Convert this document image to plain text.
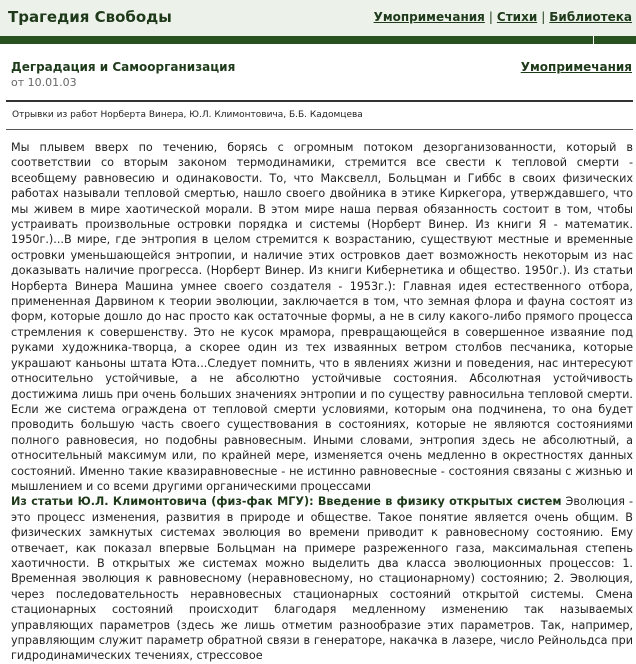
Трагедия Свободы	Умопримечания | Стихи | Библиотека
Деградация и Самоорганизация
от 10.01.03
Умопримечания
Отрывки из работ Норберта Винера, Ю.Л. Климонтовича, Б.Б. Кадомцева

Мы плывем вверх по течению, борясь с огромным потоком дезорганизованности, который в соответствии со вторым законом термодинамики, стремится все свести к тепловой смерти - всеобщему равновесию и одинаковости. То, что Максвелл, Больцман и Гиббс в своих физических работах называли тепловой смертью, нашло своего двойника в этике Киркегора, утверждавшего, что мы живем в мире хаотической морали. В этом мире наша первая обязанность состоит в том, чтобы устраивать произвольные островки порядка и системы (Норберт Винер. Из книги Я - математик. 1950г.)...В мире, где энтропия в целом стремится к возрастанию, существуют местные и временные островки уменьшающейся энтропии, и наличие этих островков дает возможность некоторым из нас доказывать наличие прогресса. (Норберт Винер. Из книги Кибернетика и общество. 1950г.). Из статьи Норберта Винера Машина умнее своего создателя - 1953г.): Главная идея естественного отбора, примененная Дарвином к теории эволюции, заключается в том, что земная флора и фауна состоят из форм, которые дошло до нас просто как остаточные формы, а не в силу какого-либо прямого процесса стремления к совершенству. Это не кусок мрамора, превращающейся в совершенное изваяние под руками художника-творца, а скорее один из тех изваянных ветром столбов песчаника, которые украшают каньоны штата Юта...Следует помнить, что в явлениях жизни и поведения, нас интересуют относительно устойчивые, а не абсолютно устойчивые состояния. Абсолютная устойчивость достижима лишь при очень больших значениях энтропии и по существу равносильна тепловой смерти. Если же система ограждена от тепловой смерти условиями, которым она подчинена, то она будет проводить большую часть своего существования в состояниях, которые не являются состояниями полного равновесия, но подобны равновесным. Иными словами, энтропия здесь не абсолютный, а относительный максимум или, по крайней мере, изменяется очень медленно в окрестностях данных состояний. Именно такие квазиравновесные - не истинно равновесные - состояния связаны с жизнью и мышлением и со всеми другими органическими процессами

Из статьи Ю.Л. Климонтовича (физ-фак МГУ): Введение в физику открытых систем Эволюция - это процесс изменения, развития в природе и обществе. Такое понятие является очень общим. В физических замкнутых системах эволюция во времени приводит к равновесному состоянию. Ему отвечает, как показал впервые Больцман на примере разреженного газа, максимальная степень хаотичности. В открытых же системах можно выделить два класса эволюционных процессов: 1. Временная эволюция к равновесному (неравновесному, но стационарному) состоянию; 2. Эволюция, через последовательность неравновесных стационарных состояний открытой системы. Смена стационарных состояний происходит благодаря медленному изменению так называемых управляющих параметров (здесь же лишь отметим разнообразие этих параметров. Так, например, управляющим служит параметр обратной связи в генераторе, накачка в лазере, число Рейнольдса при гидродинамических течениях, стрессовое
